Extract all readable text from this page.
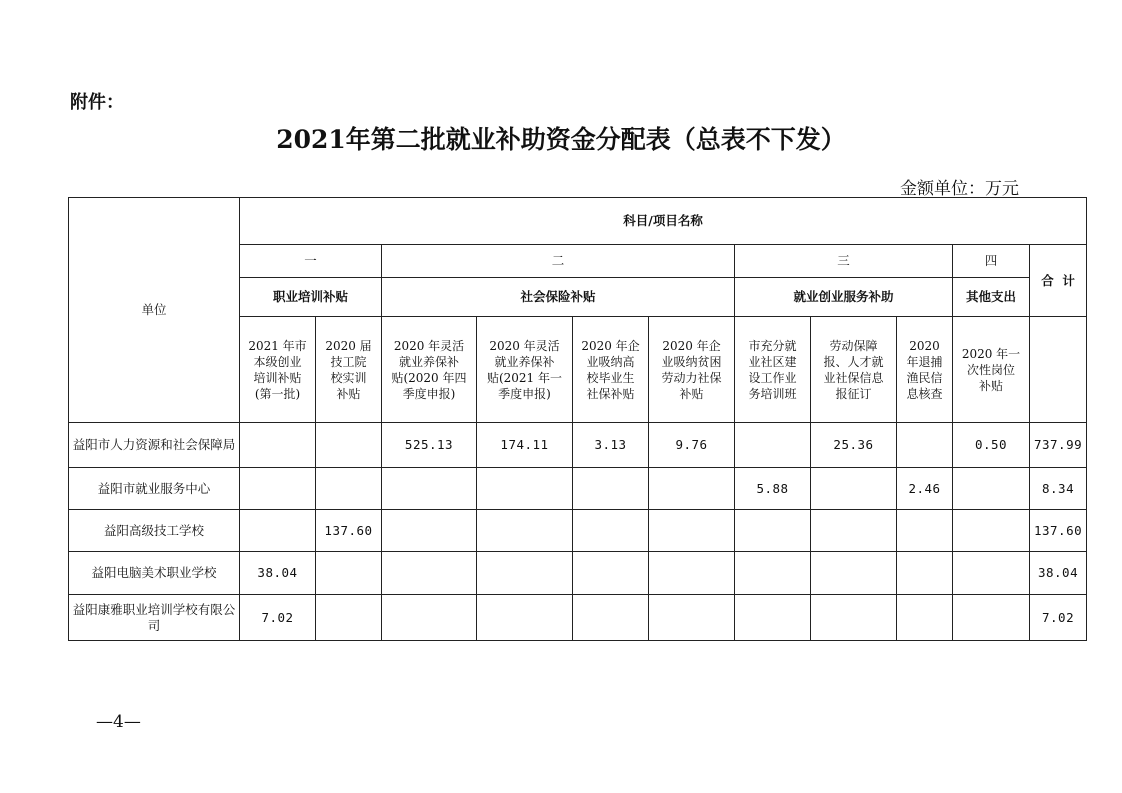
附件：
2021年第二批就业补助资金分配表（总表不下发）
金额单位：万元
单位	科目/项目名称										
	一		二				三			四	合  计
	职业培训补贴		社会保险补贴				就业创业服务补助			其他支出	
	2021 年市
本级创业
培训补贴
(第一批)	2020 届
技工院
校实训
补贴	2020 年灵活
就业养保补
贴(2020 年四
季度申报)	2020 年灵活
就业养保补
贴(2021 年一
季度申报)	2020 年企
业吸纳高
校毕业生
社保补贴	2020 年企
业吸纳贫困
劳动力社保
补贴	市充分就
业社区建
设工作业
务培训班	劳动保障
报、人才就
业社保信息
报征订	2020
年退捕
渔民信
息核查	2020 年一
次性岗位
补贴	
益阳市人力资源和社会保障局			525.13	174.11	3.13	9.76		25.36		0.50	737.99
益阳市就业服务中心							5.88		2.46		8.34
益阳高级技工学校		137.60									137.60
益阳电脑美术职业学校	38.04										38.04
益阳康雅职业培训学校有限公司	7.02										7.02
—4—
